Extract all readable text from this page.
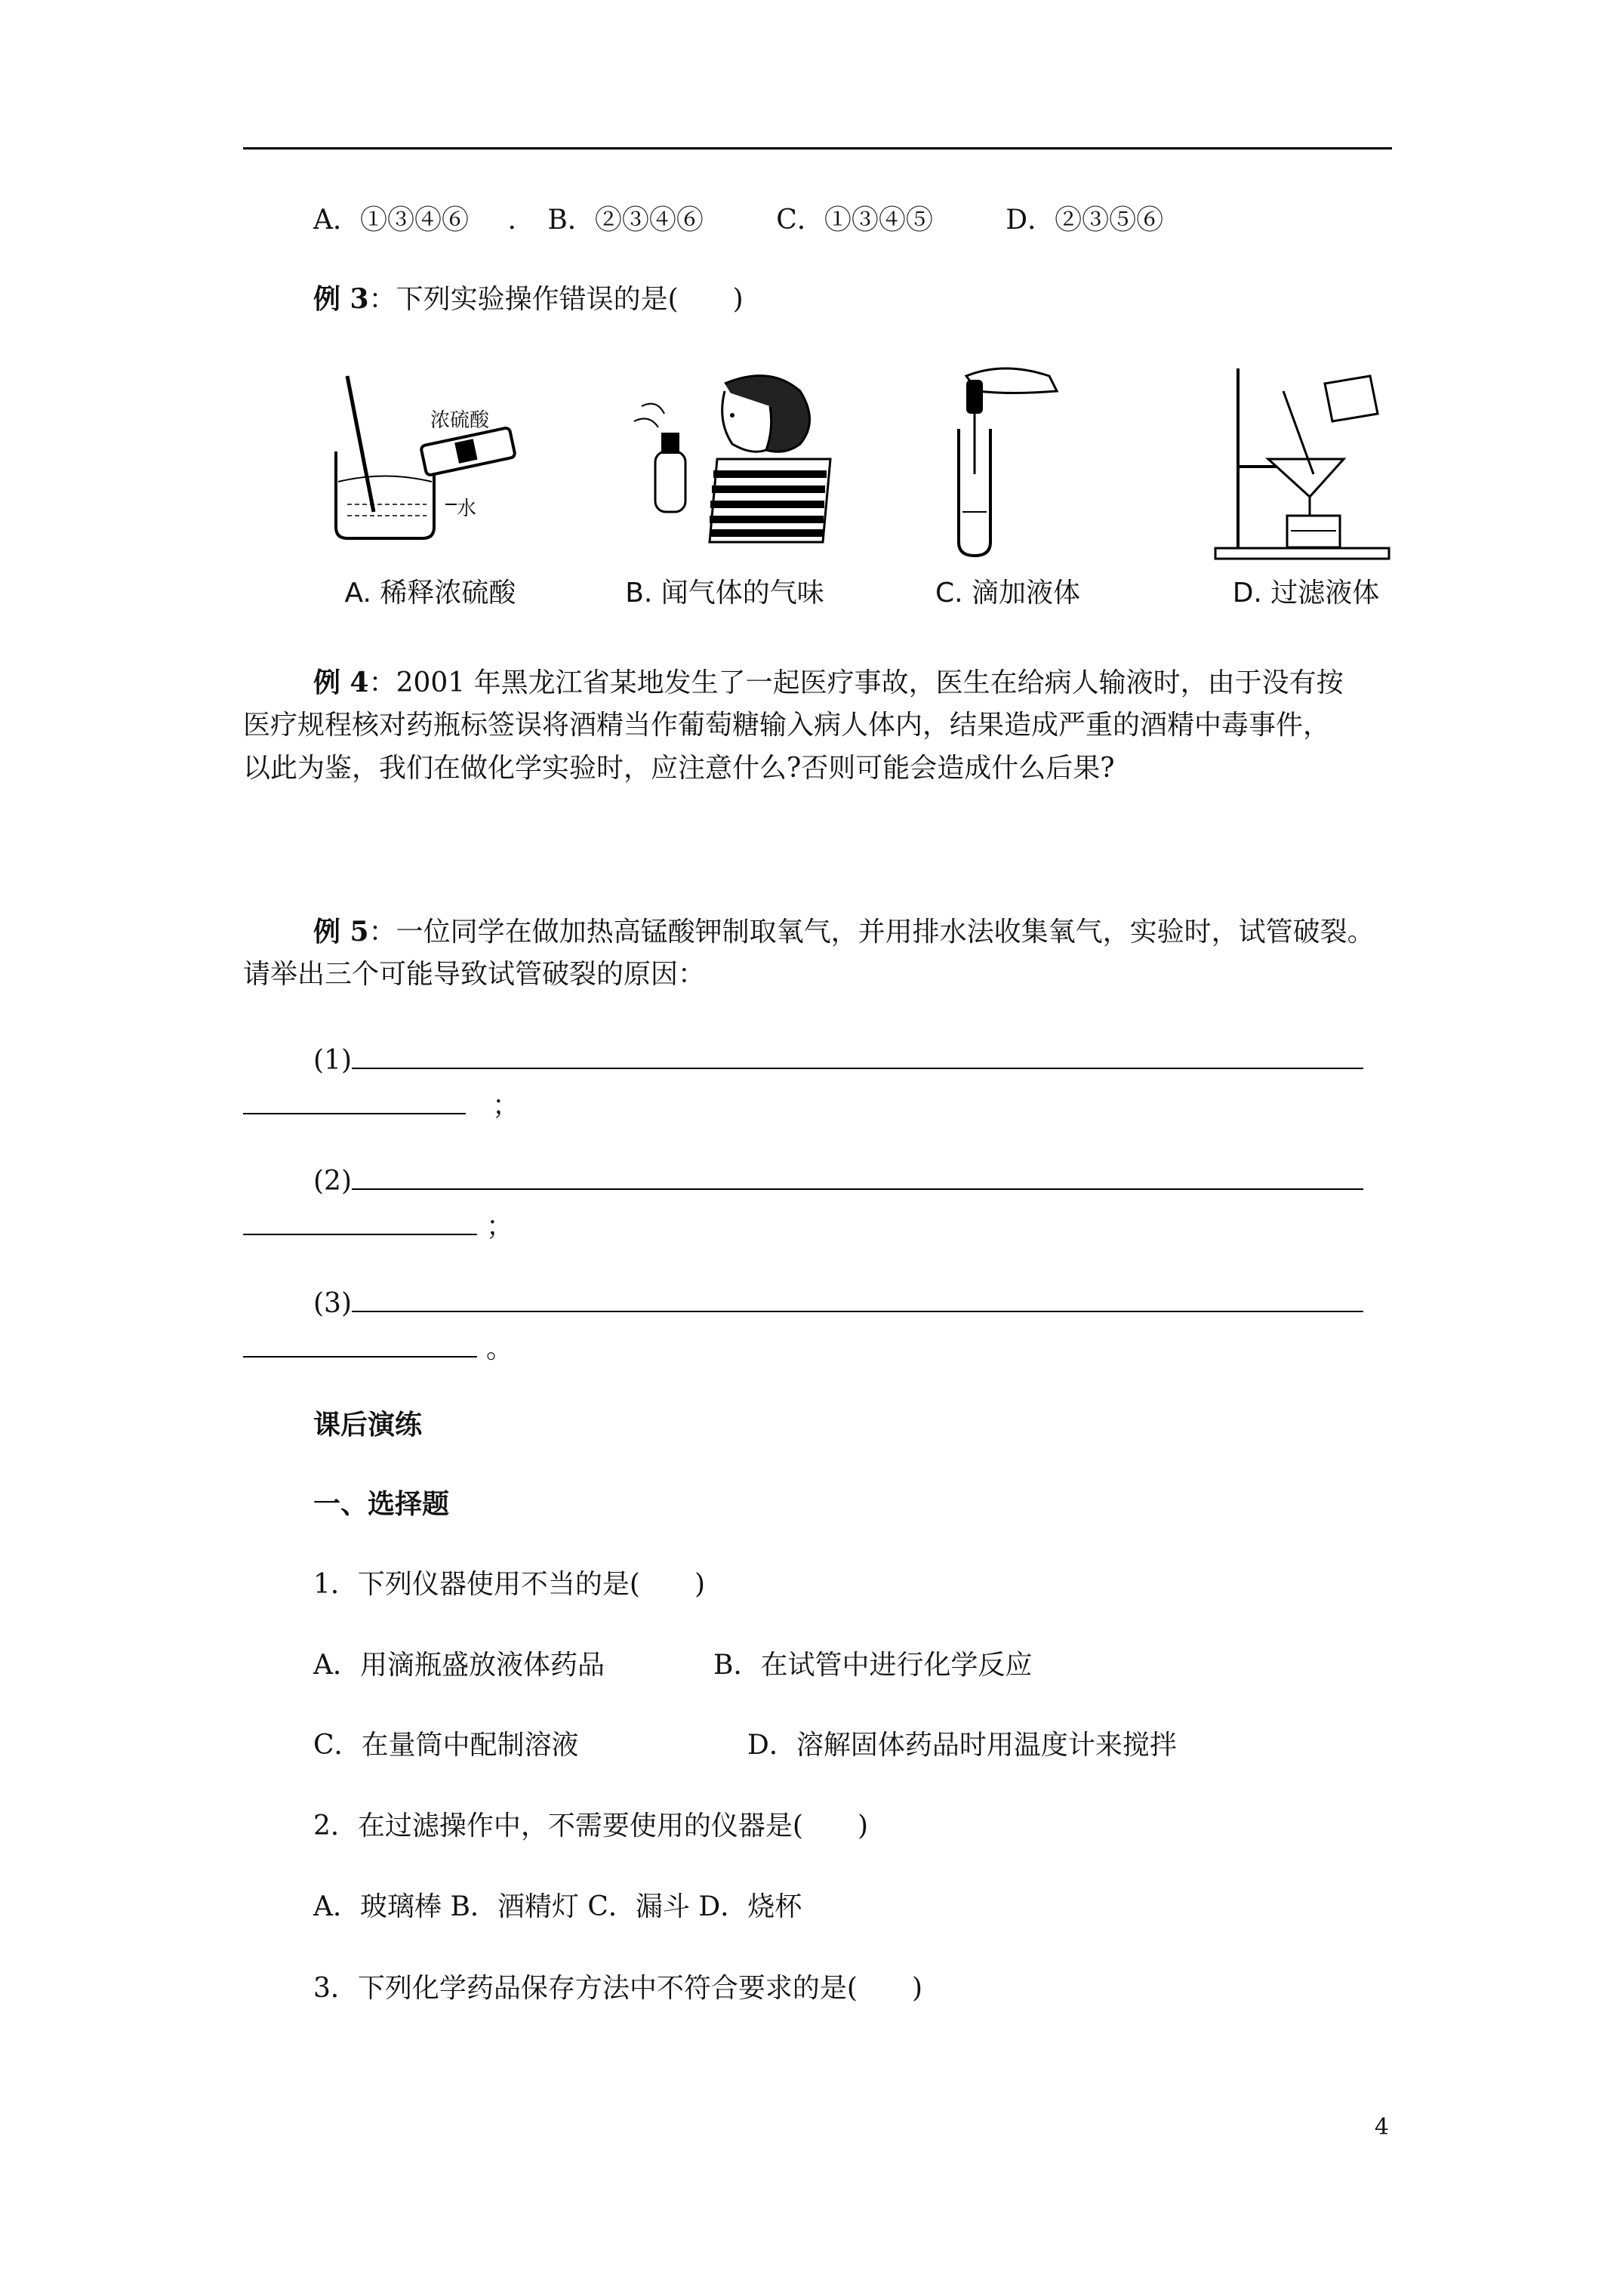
A．①③④⑥ . B．②③④⑥	C．①③④⑤	D．②③⑤⑥
例 3：下列实验操作错误的是(　　)
浓硫酸
水
A. 稀释浓硫酸	B. 闻气体的气味	C. 滴加液体	D. 过滤液体
例 4：2001 年黑龙江省某地发生了一起医疗事故，医生在给病人输液时，由于没有按
医疗规程核对药瓶标签误将酒精当作葡萄糖输入病人体内，结果造成严重的酒精中毒事件，
以此为鉴，我们在做化学实验时，应注意什么?否则可能会造成什么后果?
例 5：一位同学在做加热高锰酸钾制取氧气，并用排水法收集氧气，实验时，试管破裂。
请举出三个可能导致试管破裂的原因：
(1)
；
(2)
；
(3)
。
课后演练
一、选择题
1．下列仪器使用不当的是(　　)
A．用滴瓶盛放液体药品	B．在试管中进行化学反应
C．在量筒中配制溶液	D．溶解固体药品时用温度计来搅拌
2．在过滤操作中，不需要使用的仪器是(　　)
A．玻璃棒 B．酒精灯 C．漏斗 D．烧杯
3．下列化学药品保存方法中不符合要求的是(　　)
4
